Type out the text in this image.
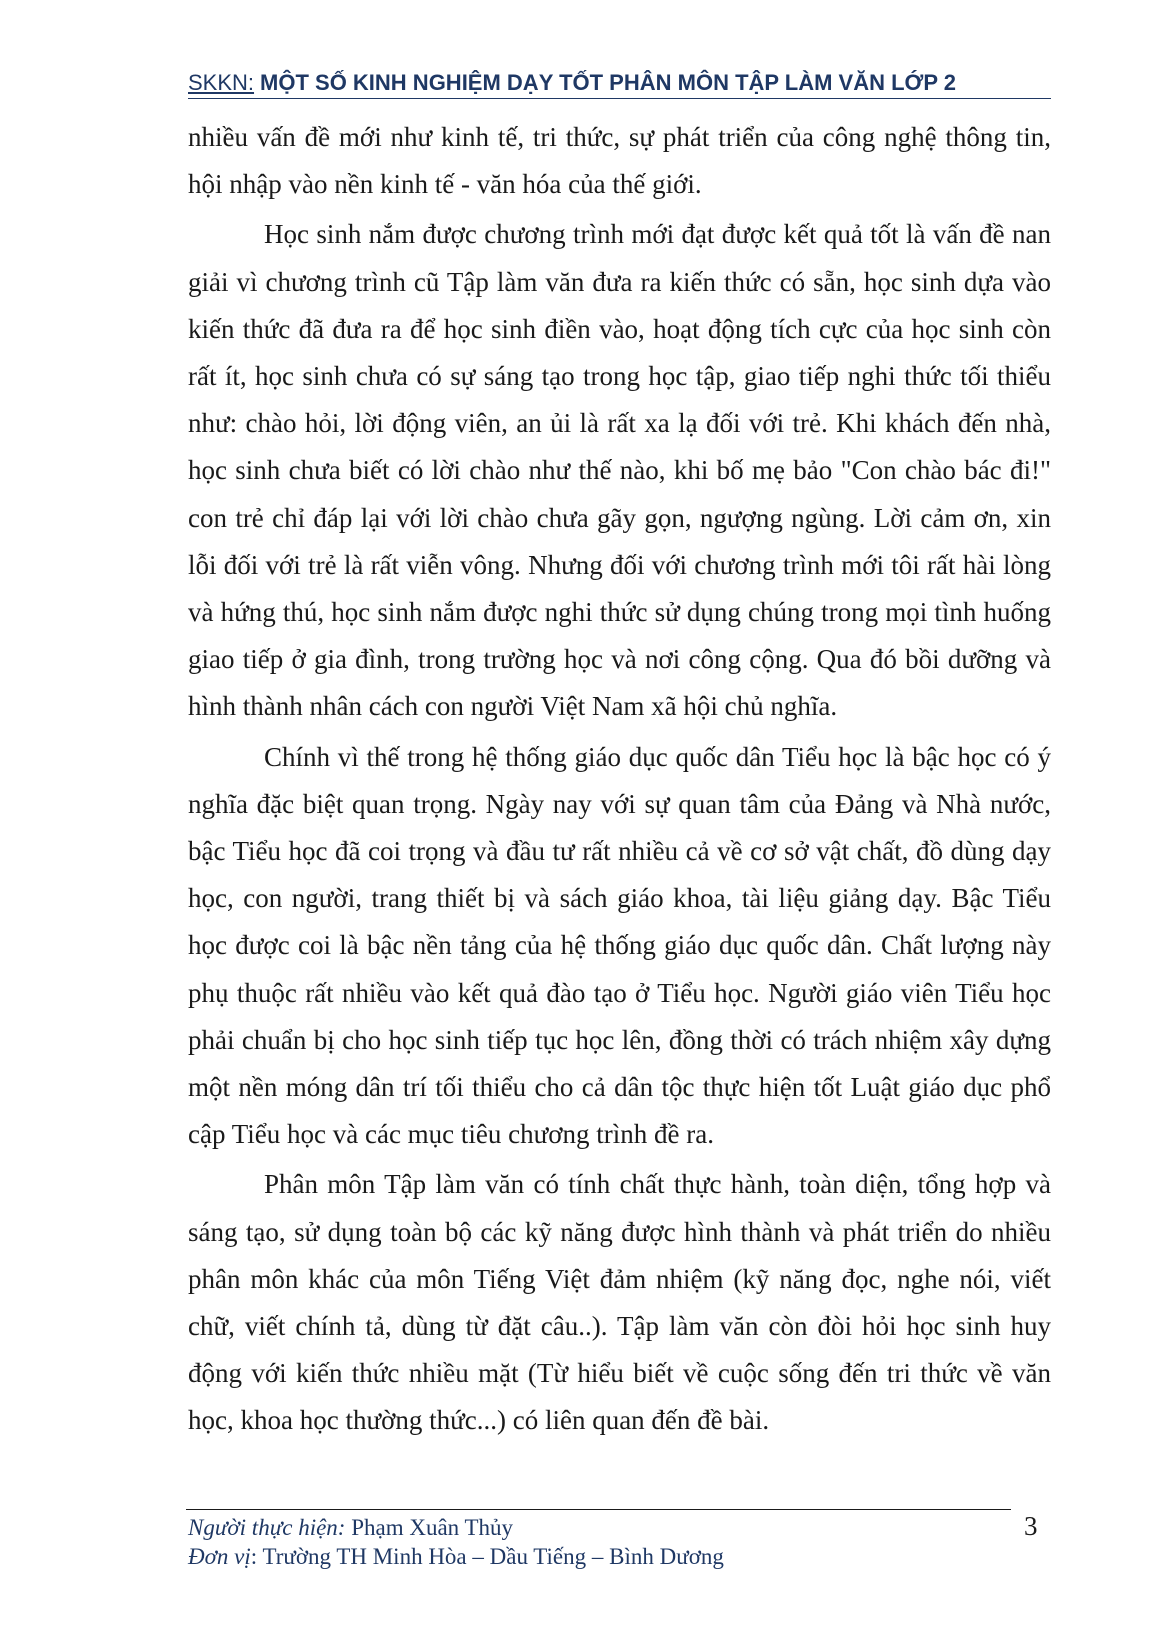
SKKN: MỘT SỐ KINH NGHIỆM DẠY TỐT PHÂN MÔN TẬP LÀM VĂN LỚP 2

nhiều vấn đề mới như kinh tế, tri thức, sự phát triển của công nghệ thông tin, hội nhập vào nền kinh tế - văn hóa của thế giới.

Học sinh nắm được chương trình mới đạt được kết quả tốt là vấn đề nan giải vì chương trình cũ Tập làm văn đưa ra kiến thức có sẵn, học sinh dựa vào kiến thức đã đưa ra để học sinh điền vào, hoạt động tích cực của học sinh còn rất ít, học sinh chưa có sự sáng tạo trong học tập, giao tiếp nghi thức tối thiểu như: chào hỏi, lời động viên, an ủi là rất xa lạ đối với trẻ. Khi khách đến nhà, học sinh chưa biết có lời chào như thế nào, khi bố mẹ bảo "Con chào bác đi!" con trẻ chỉ đáp lại với lời chào chưa gãy gọn, ngượng ngùng. Lời cảm ơn, xin lỗi đối với trẻ là rất viễn vông. Nhưng đối với chương trình mới tôi rất hài lòng và hứng thú, học sinh nắm được nghi thức sử dụng chúng trong mọi tình huống giao tiếp ở gia đình, trong trường học và nơi công cộng. Qua đó bồi dưỡng và hình thành nhân cách con người Việt Nam xã hội chủ nghĩa.

Chính vì thế trong hệ thống giáo dục quốc dân Tiểu học là bậc học có ý nghĩa đặc biệt quan trọng. Ngày nay với sự quan tâm của Đảng và Nhà nước, bậc Tiểu học đã coi trọng và đầu tư rất nhiều cả về cơ sở vật chất, đồ dùng dạy học, con người, trang thiết bị và sách giáo khoa, tài liệu giảng dạy. Bậc Tiểu học được coi là bậc nền tảng của hệ thống giáo dục quốc dân. Chất lượng này phụ thuộc rất nhiều vào kết quả đào tạo ở Tiểu học. Người giáo viên Tiểu học phải chuẩn bị cho học sinh tiếp tục học lên, đồng thời có trách nhiệm xây dựng một nền móng dân trí tối thiểu cho cả dân tộc thực hiện tốt Luật giáo dục phổ cập Tiểu học và các mục tiêu chương trình đề ra.

Phân môn Tập làm văn có tính chất thực hành, toàn diện, tổng hợp và sáng tạo, sử dụng toàn bộ các kỹ năng được hình thành và phát triển do nhiều phân môn khác của môn Tiếng Việt đảm nhiệm (kỹ năng đọc, nghe nói, viết chữ, viết chính tả, dùng từ đặt câu..). Tập làm văn còn đòi hỏi học sinh huy động với kiến thức nhiều mặt (Từ hiểu biết về cuộc sống đến tri thức về văn học, khoa học thường thức...) có liên quan đến đề bài.

Người thực hiện: Phạm Xuân Thủy
Đơn vị: Trường TH Minh Hòa – Dầu Tiếng – Bình Dương
3
